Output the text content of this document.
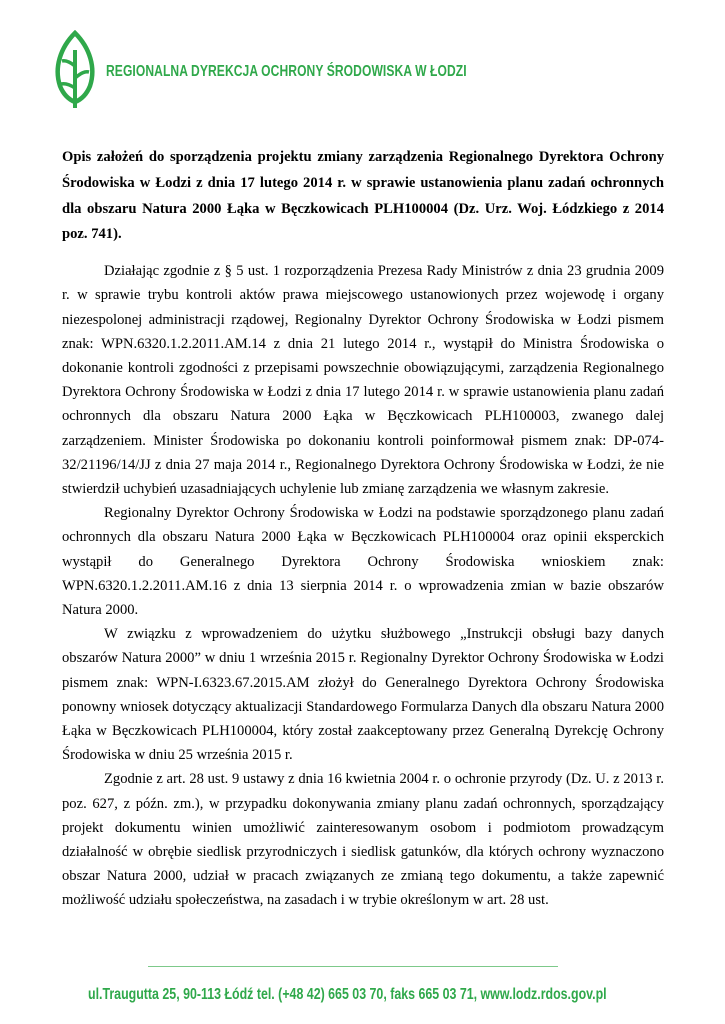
REGIONALNA DYREKCJA OCHRONY ŚRODOWISKA W ŁODZI

Opis założeń do sporządzenia projektu zmiany zarządzenia Regionalnego Dyrektora Ochrony Środowiska w Łodzi z dnia 17 lutego 2014 r. w sprawie ustanowienia planu zadań ochronnych dla obszaru Natura 2000 Łąka w Bęczkowicach PLH100004 (Dz. Urz. Woj. Łódzkiego z 2014 poz. 741).

Działając zgodnie z § 5 ust. 1 rozporządzenia Prezesa Rady Ministrów z dnia 23 grudnia 2009 r. w sprawie trybu kontroli aktów prawa miejscowego ustanowionych przez wojewodę i organy niezespolonej administracji rządowej, Regionalny Dyrektor Ochrony Środowiska w Łodzi pismem znak: WPN.6320.1.2.2011.AM.14 z dnia 21 lutego 2014 r., wystąpił do Ministra Środowiska o dokonanie kontroli zgodności z przepisami powszechnie obowiązującymi, zarządzenia Regionalnego Dyrektora Ochrony Środowiska w Łodzi z dnia 17 lutego 2014 r. w sprawie ustanowienia planu zadań ochronnych dla obszaru Natura 2000 Łąka w Bęczkowicach PLH100003, zwanego dalej zarządzeniem. Minister Środowiska po dokonaniu kontroli poinformował pismem znak: DP-074-32/21196/14/JJ z dnia 27 maja 2014 r., Regionalnego Dyrektora Ochrony Środowiska w Łodzi, że nie stwierdził uchybień uzasadniających uchylenie lub zmianę zarządzenia we własnym zakresie.

Regionalny Dyrektor Ochrony Środowiska w Łodzi na podstawie sporządzonego planu zadań ochronnych dla obszaru Natura 2000 Łąka w Bęczkowicach PLH100004 oraz opinii eksperckich wystąpił do Generalnego Dyrektora Ochrony Środowiska wnioskiem znak: WPN.6320.1.2.2011.AM.16 z dnia 13 sierpnia 2014 r. o wprowadzenia zmian w bazie obszarów Natura 2000.

W związku z wprowadzeniem do użytku służbowego „Instrukcji obsługi bazy danych obszarów Natura 2000” w dniu 1 września 2015 r. Regionalny Dyrektor Ochrony Środowiska w Łodzi pismem znak: WPN-I.6323.67.2015.AM złożył do Generalnego Dyrektora Ochrony Środowiska ponowny wniosek dotyczący aktualizacji Standardowego Formularza Danych dla obszaru Natura 2000 Łąka w Bęczkowicach PLH100004, który został zaakceptowany przez Generalną Dyrekcję Ochrony Środowiska w dniu 25 września 2015 r.

Zgodnie z art. 28 ust. 9 ustawy z dnia 16 kwietnia 2004 r. o ochronie przyrody (Dz. U. z 2013 r. poz. 627, z późn. zm.), w przypadku dokonywania zmiany planu zadań ochronnych, sporządzający projekt dokumentu winien umożliwić zainteresowanym osobom i podmiotom prowadzącym działalność w obrębie siedlisk przyrodniczych i siedlisk gatunków, dla których ochrony wyznaczono obszar Natura 2000, udział w pracach związanych ze zmianą tego dokumentu, a także zapewnić możliwość udziału społeczeństwa, na zasadach i w trybie określonym w art. 28 ust.

ul.Traugutta 25, 90-113 Łódź tel. (+48 42) 665 03 70, faks 665 03 71, www.lodz.rdos.gov.pl
